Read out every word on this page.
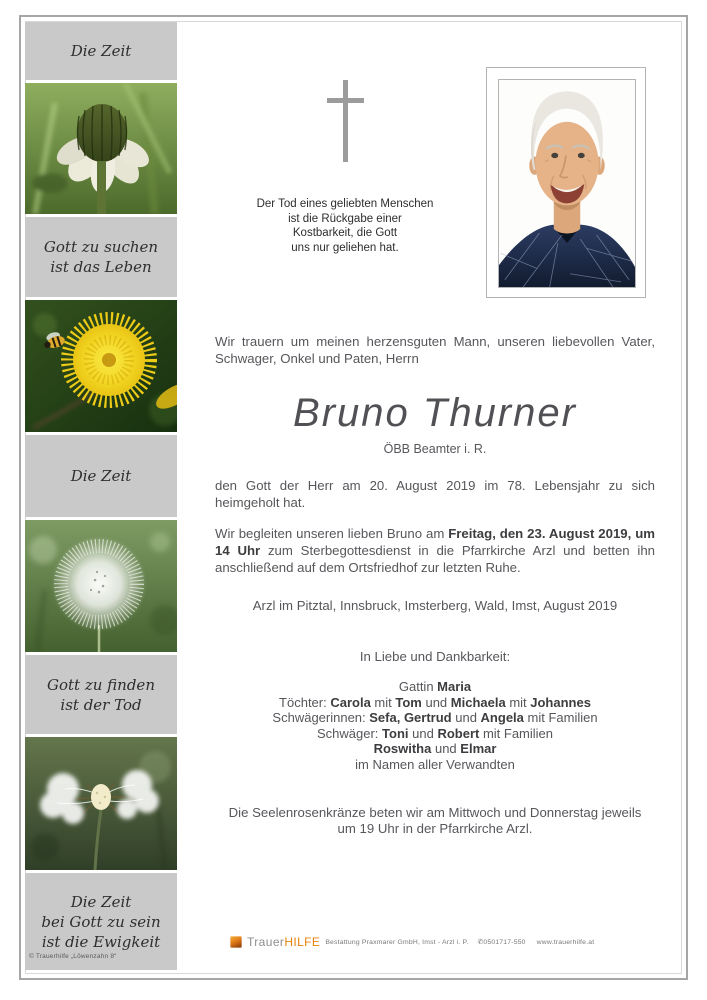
Die Zeit
Gott zu suchen
ist das Leben
Die Zeit
Gott zu finden
ist der Tod
Die Zeit
bei Gott zu sein
ist die Ewigkeit
© Trauerhilfe „Löwenzahn 8“
Der Tod eines geliebten Menschen
ist die Rückgabe einer
Kostbarkeit, die Gott
uns nur geliehen hat.
Wir trauern um meinen herzensguten Mann, unseren liebevollen Vater, Schwager, Onkel und Paten, Herrn
Bruno Thurner
ÖBB Beamter i. R.
den Gott der Herr am 20. August 2019 im 78. Lebensjahr zu sich heimgeholt hat.
Wir begleiten unseren lieben Bruno am Freitag, den 23. August 2019, um 14 Uhr zum Sterbegottesdienst in die Pfarrkirche Arzl und betten ihn anschließend auf dem Ortsfriedhof zur letzten Ruhe.
Arzl im Pitztal, Innsbruck, Imsterberg, Wald, Imst, August 2019
In Liebe und Dankbarkeit:
Gattin Maria
Töchter: Carola mit Tom und Michaela mit Johannes
Schwägerinnen: Sefa, Gertrud und Angela mit Familien
Schwäger: Toni und Robert mit Familien
Roswitha und Elmar
im Namen aller Verwandten
Die Seelenrosenkränze beten wir am Mittwoch und Donnerstag jeweils
um 19 Uhr in der Pfarrkirche Arzl.
TrauerHILFE Bestattung Praxmarer GmbH, Imst - Arzl i. P. ✆0501717-550 www.trauerhilfe.at
